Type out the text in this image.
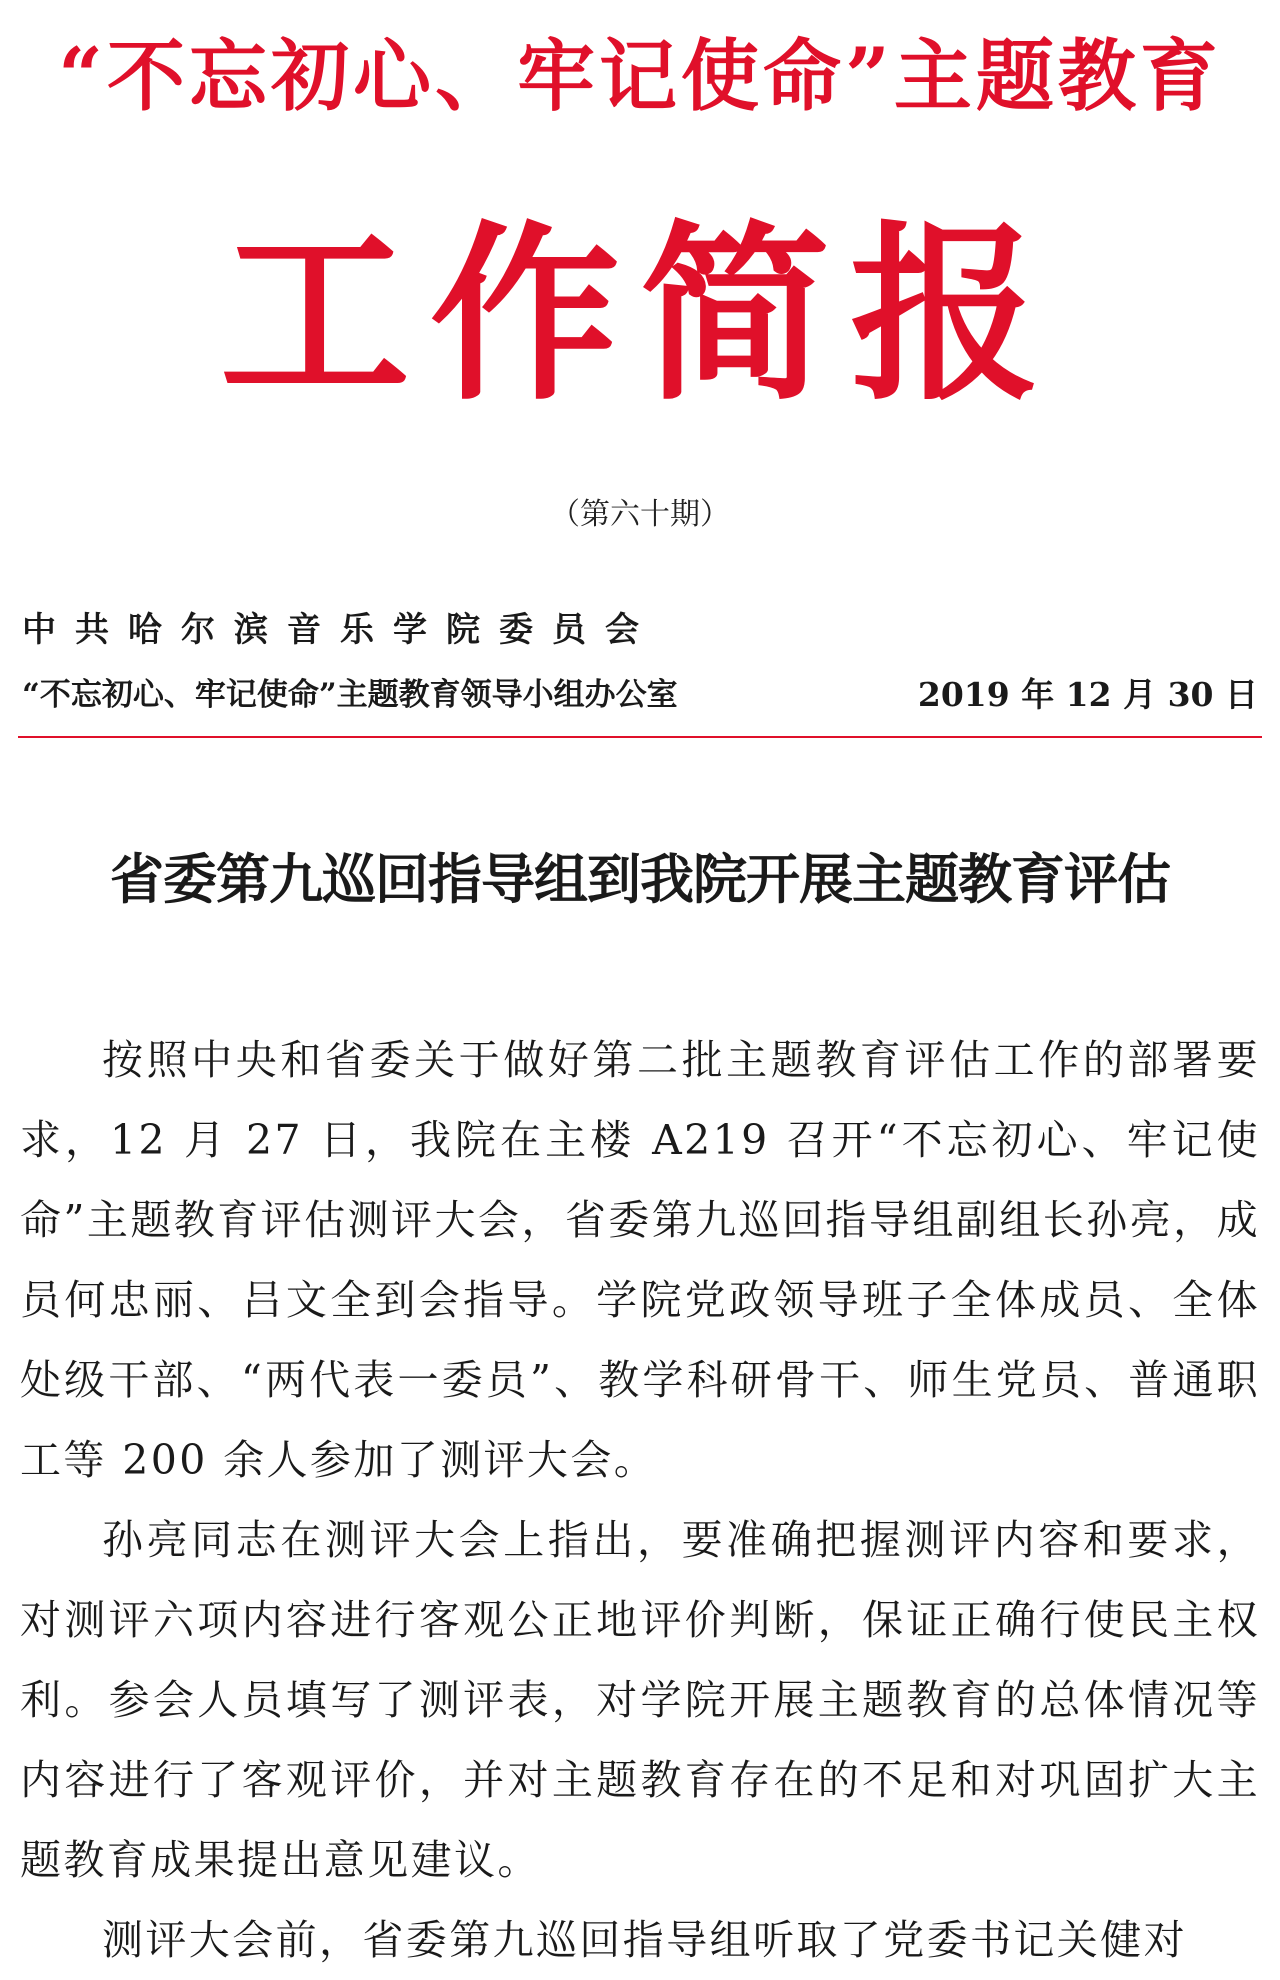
“不忘初心、牢记使命”主题教育
工作简报
（第六十期）
中共哈尔滨音乐学院委员会
“不忘初心、牢记使命”主题教育领导小组办公室	2019 年 12 月 30 日
省委第九巡回指导组到我院开展主题教育评估

按照中央和省委关于做好第二批主题教育评估工作的部署要求，12 月 27 日，我院在主楼 A219 召开“不忘初心、牢记使命”主题教育评估测评大会，省委第九巡回指导组副组长孙亮，成员何忠丽、吕文全到会指导。学院党政领导班子全体成员、全体处级干部、“两代表一委员”、教学科研骨干、师生党员、普通职工等 200 余人参加了测评大会。

孙亮同志在测评大会上指出，要准确把握测评内容和要求，对测评六项内容进行客观公正地评价判断，保证正确行使民主权利。参会人员填写了测评表，对学院开展主题教育的总体情况等内容进行了客观评价，并对主题教育存在的不足和对巩固扩大主题教育成果提出意见建议。

测评大会前，省委第九巡回指导组听取了党委书记关健对
